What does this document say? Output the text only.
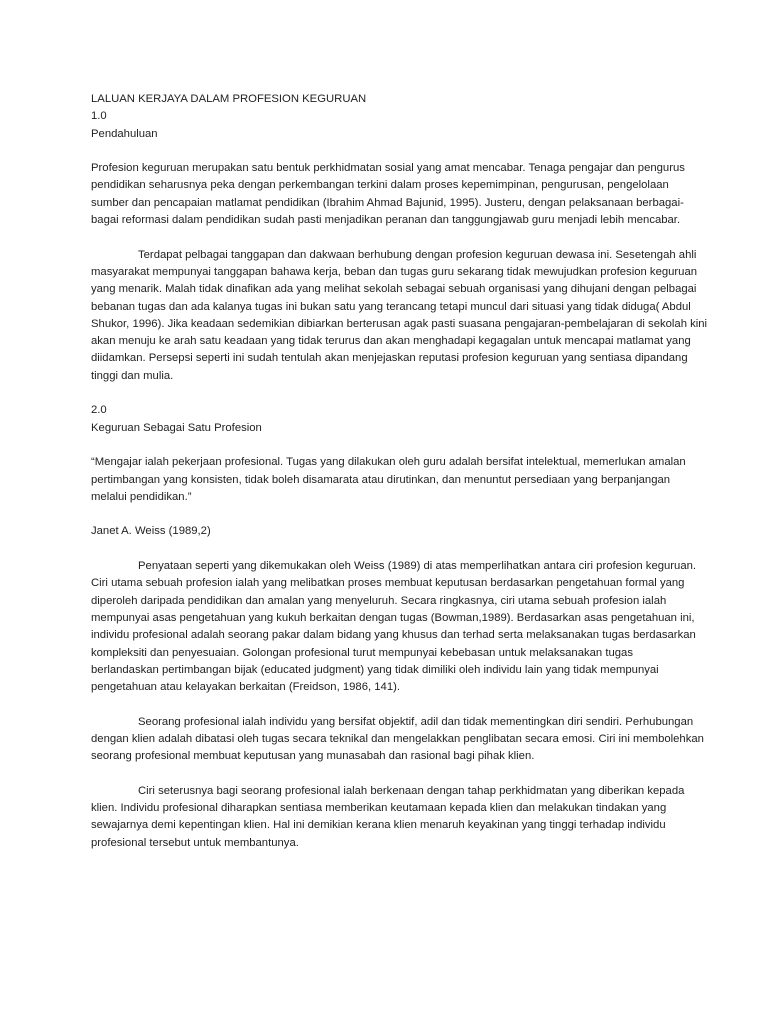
LALUAN KERJAYA DALAM PROFESION KEGURUAN
1.0
Pendahuluan

Profesion keguruan merupakan satu bentuk perkhidmatan sosial yang amat mencabar. Tenaga pengajar dan pengurus
pendidikan seharusnya peka dengan perkembangan terkini dalam proses kepemimpinan, pengurusan, pengelolaan
sumber dan pencapaian matlamat pendidikan (Ibrahim Ahmad Bajunid, 1995). Justeru, dengan pelaksanaan berbagai-
bagai reformasi dalam pendidikan sudah pasti menjadikan peranan dan tanggungjawab guru menjadi lebih mencabar.

Terdapat pelbagai tanggapan dan dakwaan berhubung dengan profesion keguruan dewasa ini. Sesetengah ahli
masyarakat mempunyai tanggapan bahawa kerja, beban dan tugas guru sekarang tidak mewujudkan profesion keguruan
yang menarik. Malah tidak dinafikan ada yang melihat sekolah sebagai sebuah organisasi yang dihujani dengan pelbagai
bebanan tugas dan ada kalanya tugas ini bukan satu yang terancang tetapi muncul dari situasi yang tidak diduga( Abdul
Shukor, 1996). Jika keadaan sedemikian dibiarkan berterusan agak pasti suasana pengajaran-pembelajaran di sekolah kini
akan menuju ke arah satu keadaan yang tidak terurus dan akan menghadapi kegagalan untuk mencapai matlamat yang
diidamkan. Persepsi seperti ini sudah tentulah akan menjejaskan reputasi profesion keguruan yang sentiasa dipandang
tinggi dan mulia.

2.0
Keguruan Sebagai Satu Profesion

“Mengajar ialah pekerjaan profesional. Tugas yang dilakukan oleh guru adalah bersifat intelektual, memerlukan amalan
pertimbangan yang konsisten, tidak boleh disamarata atau dirutinkan, dan menuntut persediaan yang berpanjangan
melalui pendidikan.”

Janet A. Weiss (1989,2)

Penyataan seperti yang dikemukakan oleh Weiss (1989) di atas memperlihatkan antara ciri profesion keguruan.
Ciri utama sebuah profesion ialah yang melibatkan proses membuat keputusan berdasarkan pengetahuan formal yang
diperoleh daripada pendidikan dan amalan yang menyeluruh. Secara ringkasnya, ciri utama sebuah profesion ialah
mempunyai asas pengetahuan yang kukuh berkaitan dengan tugas (Bowman,1989). Berdasarkan asas pengetahuan ini,
individu profesional adalah seorang pakar dalam bidang yang khusus dan terhad serta melaksanakan tugas berdasarkan
kompleksiti dan penyesuaian. Golongan profesional turut mempunyai kebebasan untuk melaksanakan tugas
berlandaskan pertimbangan bijak (educated judgment) yang tidak dimiliki oleh individu lain yang tidak mempunyai
pengetahuan atau kelayakan berkaitan (Freidson, 1986, 141).

Seorang profesional ialah individu yang bersifat objektif, adil dan tidak mementingkan diri sendiri. Perhubungan
dengan klien adalah dibatasi oleh tugas secara teknikal dan mengelakkan penglibatan secara emosi. Ciri ini membolehkan
seorang profesional membuat keputusan yang munasabah dan rasional bagi pihak klien.

Ciri seterusnya bagi seorang profesional ialah berkenaan dengan tahap perkhidmatan yang diberikan kepada
klien. Individu profesional diharapkan sentiasa memberikan keutamaan kepada klien dan melakukan tindakan yang
sewajarnya demi kepentingan klien. Hal ini demikian kerana klien menaruh keyakinan yang tinggi terhadap individu
profesional tersebut untuk membantunya.
